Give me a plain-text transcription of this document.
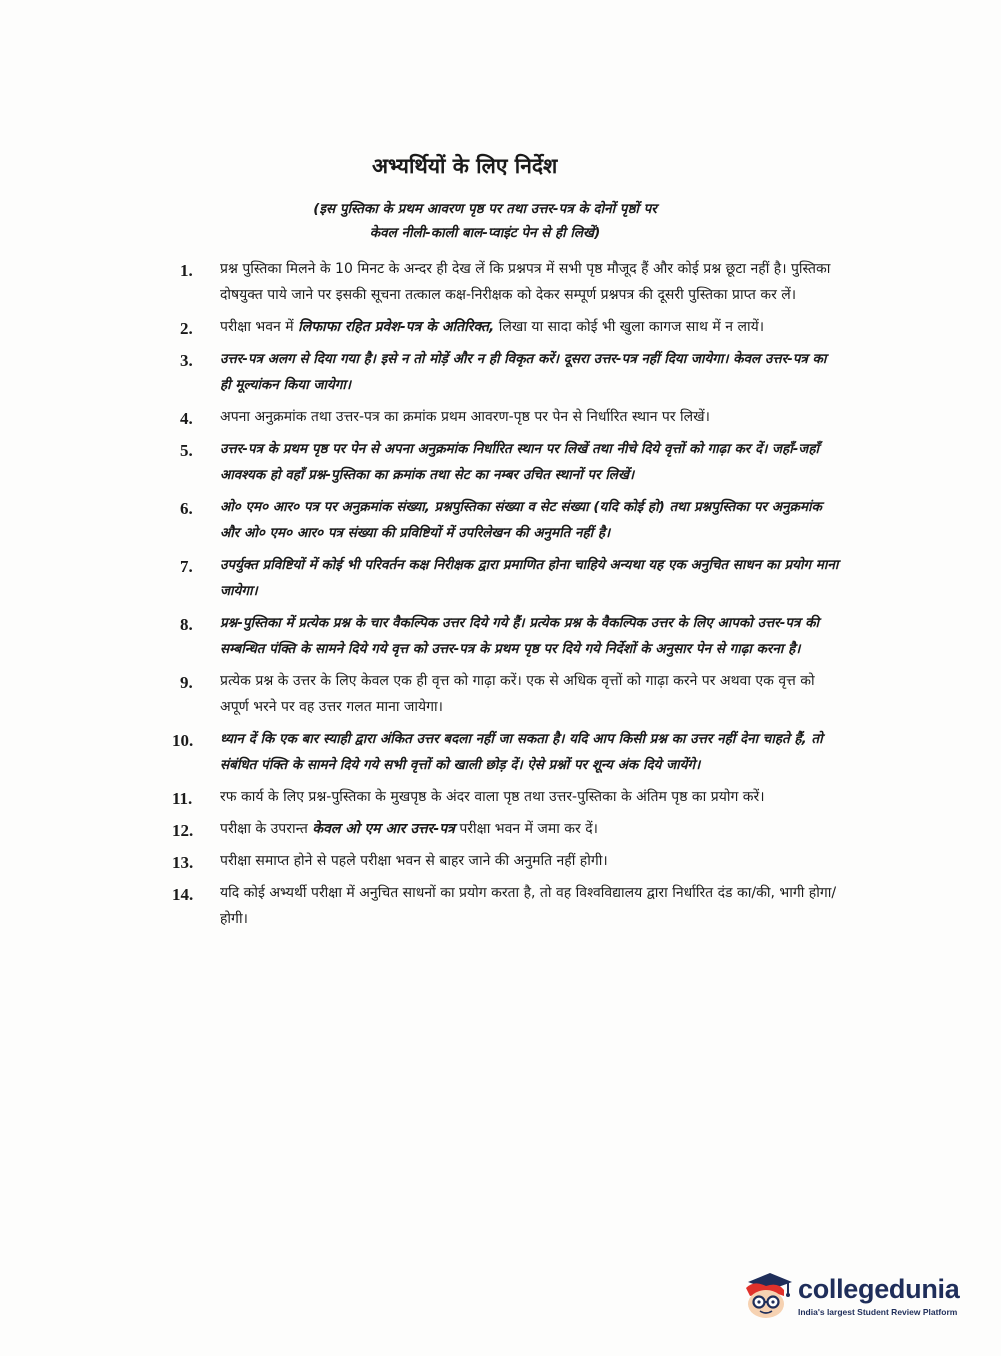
अभ्यर्थियों के लिए निर्देश
(इस पुस्तिका के प्रथम आवरण पृष्ठ पर तथा उत्तर-पत्र के दोनों पृष्ठों पर
केवल नीली-काली बाल-प्वाइंट पेन से ही लिखें)
1. प्रश्न पुस्तिका मिलने के 10 मिनट के अन्दर ही देख लें कि प्रश्नपत्र में सभी पृष्ठ मौजूद हैं और कोई प्रश्न छूटा नहीं है। पुस्तिका दोषयुक्त पाये जाने पर इसकी सूचना तत्काल कक्ष-निरीक्षक को देकर सम्पूर्ण प्रश्नपत्र की दूसरी पुस्तिका प्राप्त कर लें।
2. परीक्षा भवन में लिफाफा रहित प्रवेश-पत्र के अतिरिक्त, लिखा या सादा कोई भी खुला कागज साथ में न लायें।
3. उत्तर-पत्र अलग से दिया गया है। इसे न तो मोड़ें और न ही विकृत करें। दूसरा उत्तर-पत्र नहीं दिया जायेगा। केवल उत्तर-पत्र का ही मूल्यांकन किया जायेगा।
4. अपना अनुक्रमांक तथा उत्तर-पत्र का क्रमांक प्रथम आवरण-पृष्ठ पर पेन से निर्धारित स्थान पर लिखें।
5. उत्तर-पत्र के प्रथम पृष्ठ पर पेन से अपना अनुक्रमांक निर्धारित स्थान पर लिखें तथा नीचे दिये वृत्तों को गाढ़ा कर दें। जहाँ-जहाँ आवश्यक हो वहाँ प्रश्न-पुस्तिका का क्रमांक तथा सेट का नम्बर उचित स्थानों पर लिखें।
6. ओ० एम० आर० पत्र पर अनुक्रमांक संख्या, प्रश्नपुस्तिका संख्या व सेट संख्या (यदि कोई हो) तथा प्रश्नपुस्तिका पर अनुक्रमांक और ओ० एम० आर० पत्र संख्या की प्रविष्टियों में उपरिलेखन की अनुमति नहीं है।
7. उपर्युक्त प्रविष्टियों में कोई भी परिवर्तन कक्ष निरीक्षक द्वारा प्रमाणित होना चाहिये अन्यथा यह एक अनुचित साधन का प्रयोग माना जायेगा।
8. प्रश्न-पुस्तिका में प्रत्येक प्रश्न के चार वैकल्पिक उत्तर दिये गये हैं। प्रत्येक प्रश्न के वैकल्पिक उत्तर के लिए आपको उत्तर-पत्र की सम्बन्धित पंक्ति के सामने दिये गये वृत्त को उत्तर-पत्र के प्रथम पृष्ठ पर दिये गये निर्देशों के अनुसार पेन से गाढ़ा करना है।
9. प्रत्येक प्रश्न के उत्तर के लिए केवल एक ही वृत्त को गाढ़ा करें। एक से अधिक वृत्तों को गाढ़ा करने पर अथवा एक वृत्त को अपूर्ण भरने पर वह उत्तर गलत माना जायेगा।
10. ध्यान दें कि एक बार स्याही द्वारा अंकित उत्तर बदला नहीं जा सकता है। यदि आप किसी प्रश्न का उत्तर नहीं देना चाहते हैं, तो संबंधित पंक्ति के सामने दिये गये सभी वृत्तों को खाली छोड़ दें। ऐसे प्रश्नों पर शून्य अंक दिये जायेंगे।
11. रफ कार्य के लिए प्रश्न-पुस्तिका के मुखपृष्ठ के अंदर वाला पृष्ठ तथा उत्तर-पुस्तिका के अंतिम पृष्ठ का प्रयोग करें।
12. परीक्षा के उपरान्त केवल ओ एम आर उत्तर-पत्र परीक्षा भवन में जमा कर दें।
13. परीक्षा समाप्त होने से पहले परीक्षा भवन से बाहर जाने की अनुमति नहीं होगी।
14. यदि कोई अभ्यर्थी परीक्षा में अनुचित साधनों का प्रयोग करता है, तो वह विश्वविद्यालय द्वारा निर्धारित दंड का/की, भागी होगा/होगी।
collegedunia
India's largest Student Review Platform
